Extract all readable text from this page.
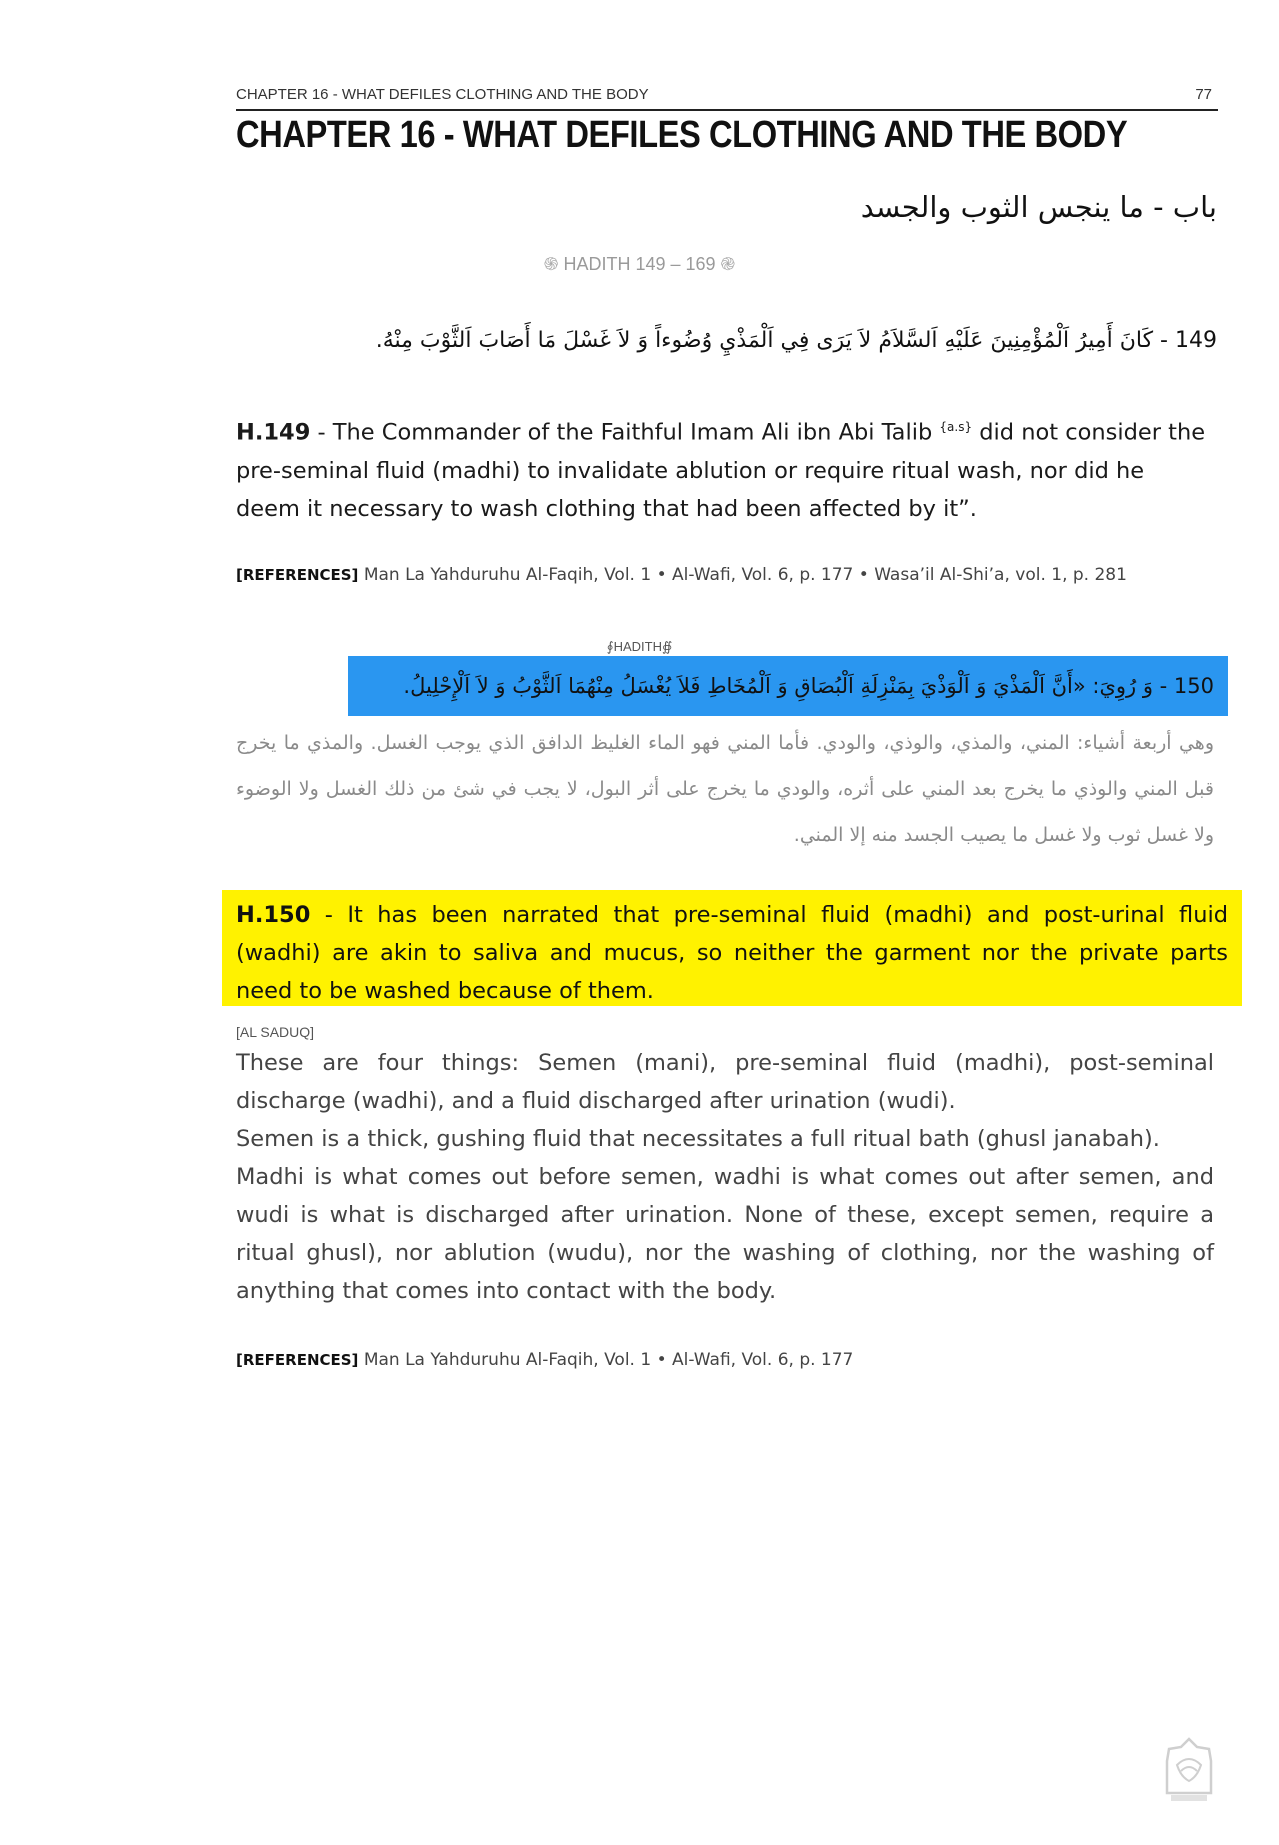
CHAPTER 16 - WHAT DEFILES CLOTHING AND THE BODY	77
CHAPTER 16 - WHAT DEFILES CLOTHING AND THE BODY
باب - ما ينجس الثوب والجسد
֍ HADITH 149 – 169 ֎
149 - كَانَ أَمِيرُ اَلْمُؤْمِنِينَ عَلَيْهِ اَلسَّلاَمُ لاَ يَرَى فِي اَلْمَذْيِ وُضُوءاً وَ لاَ غَسْلَ مَا أَصَابَ اَلثَّوْبَ مِنْهُ.
H.149 - The Commander of the Faithful Imam Ali ibn Abi Talib $^{\{a.s\}}$ did not consider the pre-seminal fluid (madhi) to invalidate ablution or require ritual wash, nor did he deem it necessary to wash clothing that had been affected by it”.
[REFERENCES] Man La Yahduruhu Al-Faqih, Vol. 1 • Al-Wafi, Vol. 6, p. 177 • Wasa’il Al-Shi’a, vol. 1, p. 281
∮HADITH∯
150 - وَ رُوِيَ: «أَنَّ اَلْمَذْيَ وَ اَلْوَذْيَ بِمَنْزِلَةِ اَلْبُصَاقِ وَ اَلْمُخَاطِ فَلاَ يُغْسَلُ مِنْهُمَا اَلثَّوْبُ وَ لاَ اَلْإِحْلِيلُ.
وهي أربعة أشياء: المني، والمذي، والوذي، والودي. فأما المني فهو الماء الغليظ الدافق الذي يوجب الغسل. والمذي ما يخرج قبل المني والوذي ما يخرج بعد المني على أثره، والودي ما يخرج على أثر البول، لا يجب في شئ من ذلك الغسل ولا الوضوء ولا غسل ثوب ولا غسل ما يصيب الجسد منه إلا المني.
H.150 - It has been narrated that pre-seminal fluid (madhi) and post-urinal fluid (wadhi) are akin to saliva and mucus, so neither the garment nor the private parts need to be washed because of them.
[AL SADUQ]

These are four things: Semen (mani), pre-seminal fluid (madhi), post-seminal discharge (wadhi), and a fluid discharged after urination (wudi).

Semen is a thick, gushing fluid that necessitates a full ritual bath (ghusl janabah).

Madhi is what comes out before semen, wadhi is what comes out after semen, and wudi is what is discharged after urination. None of these, except semen, require a ritual ghusl), nor ablution (wudu), nor the washing of clothing, nor the washing of anything that comes into contact with the body.

[REFERENCES] Man La Yahduruhu Al-Faqih, Vol. 1 • Al-Wafi, Vol. 6, p. 177
